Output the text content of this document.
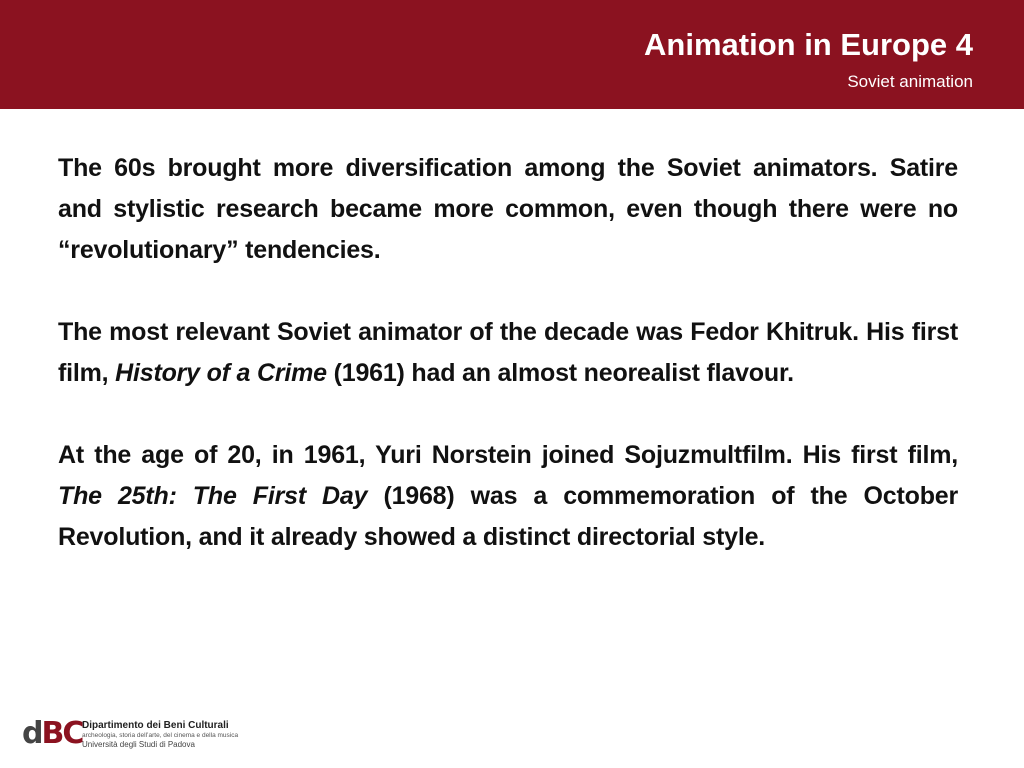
Animation in Europe 4
Soviet animation

The 60s brought more diversification among the Soviet animators. Satire and stylistic research became more common, even though there were no “revolutionary” tendencies.

The most relevant Soviet animator of the decade was Fedor Khitruk. His first film, History of a Crime (1961) had an almost neorealist flavour.

At the age of 20, in 1961, Yuri Norstein joined Sojuzmultfilm. His first film, The 25th: The First Day (1968) was a commemoration of the October Revolution, and it already showed a distinct directorial style.

dBC Dipartimento dei Beni Culturali
archeologia, storia dell’arte, del cinema e della musica
Università degli Studi di Padova
